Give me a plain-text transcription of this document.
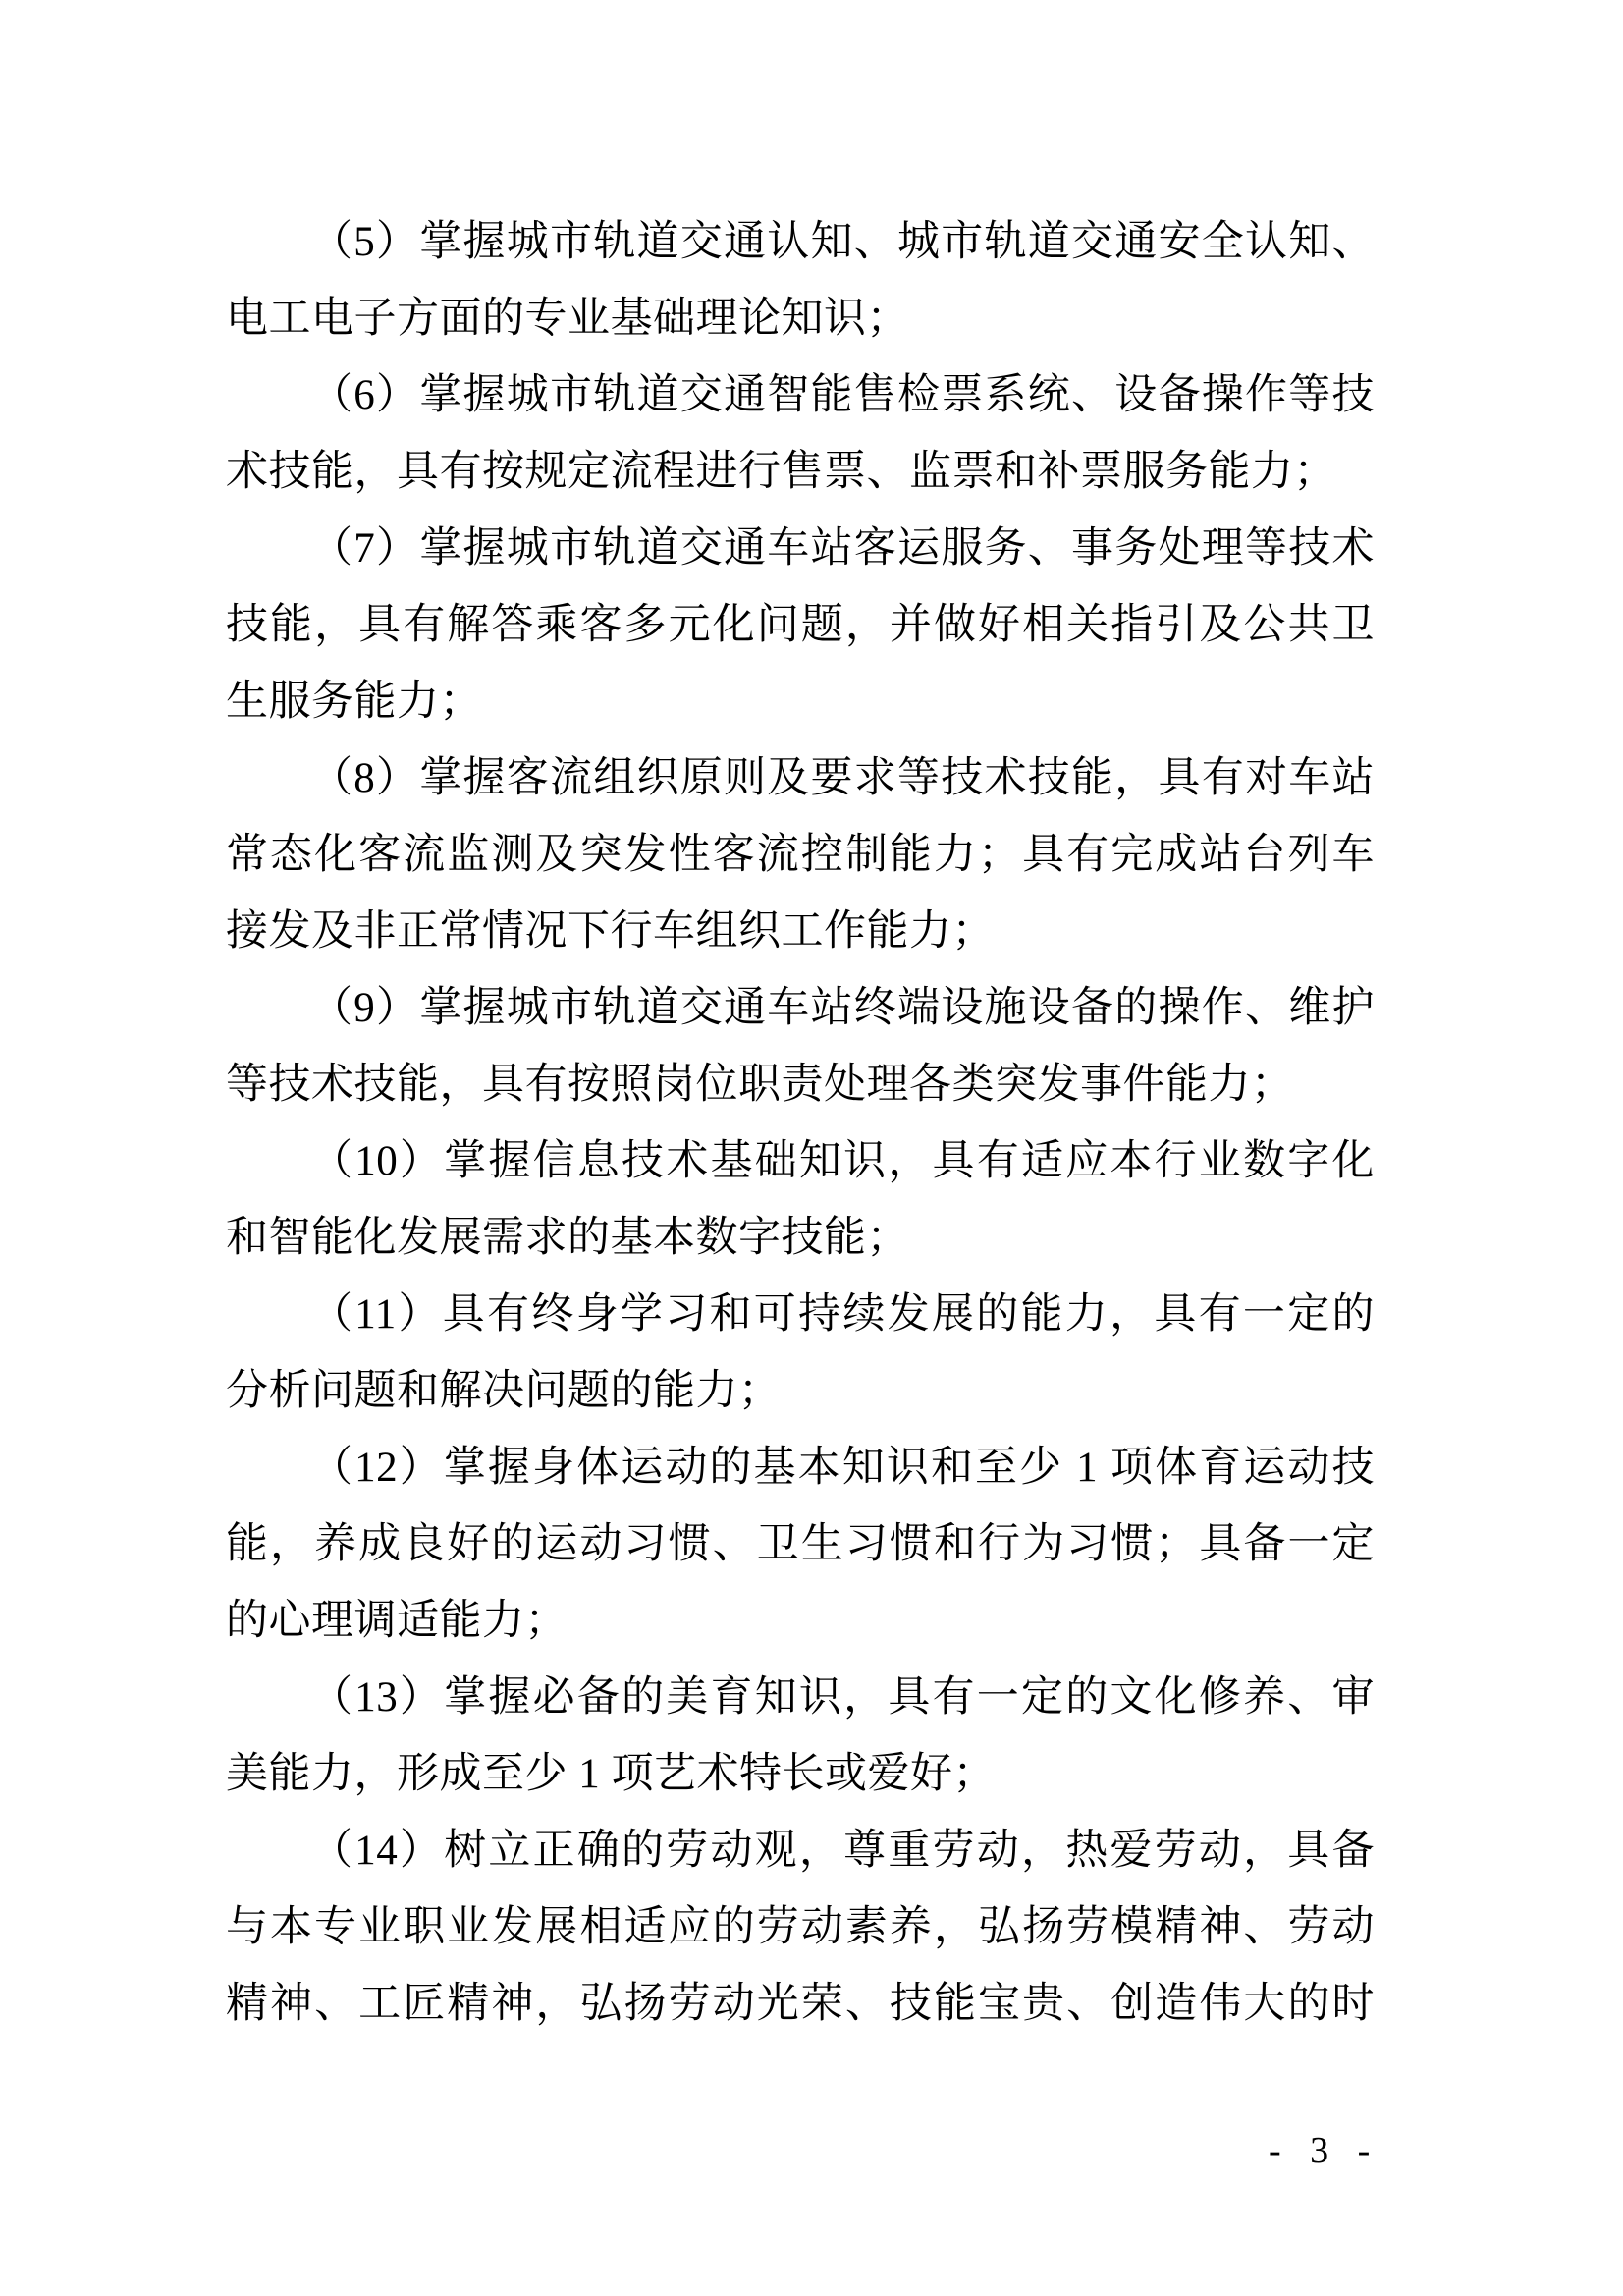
（5）掌握城市轨道交通认知、城市轨道交通安全认知、
电工电子方面的专业基础理论知识；
（6）掌握城市轨道交通智能售检票系统、设备操作等技
术技能，具有按规定流程进行售票、监票和补票服务能力；
（7）掌握城市轨道交通车站客运服务、事务处理等技术
技能，具有解答乘客多元化问题，并做好相关指引及公共卫
生服务能力；
（8）掌握客流组织原则及要求等技术技能，具有对车站
常态化客流监测及突发性客流控制能力；具有完成站台列车
接发及非正常情况下行车组织工作能力；
（9）掌握城市轨道交通车站终端设施设备的操作、维护
等技术技能，具有按照岗位职责处理各类突发事件能力；
（10）掌握信息技术基础知识，具有适应本行业数字化
和智能化发展需求的基本数字技能；
（11）具有终身学习和可持续发展的能力，具有一定的
分析问题和解决问题的能力；
（12）掌握身体运动的基本知识和至少 1 项体育运动技
能，养成良好的运动习惯、卫生习惯和行为习惯；具备一定
的心理调适能力；
（13）掌握必备的美育知识，具有一定的文化修养、审
美能力，形成至少 1 项艺术特长或爱好；
（14）树立正确的劳动观，尊重劳动，热爱劳动，具备
与本专业职业发展相适应的劳动素养，弘扬劳模精神、劳动
精神、工匠精神，弘扬劳动光荣、技能宝贵、创造伟大的时
- 3 -
